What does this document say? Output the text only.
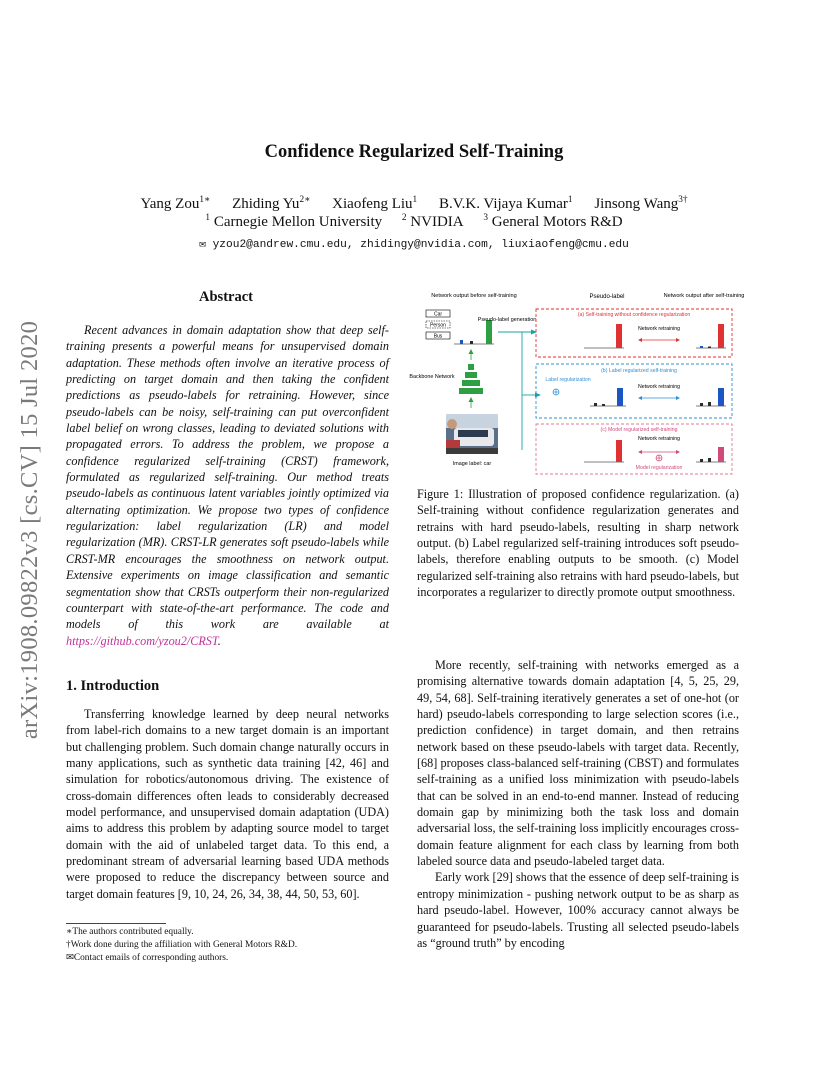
Confidence Regularized Self-Training
Yang Zou$^{1∗}$ Zhiding $Yu^{2∗}$ Xiaofeng Liu$^1$ B.V.K. Vijaya Kumar$^1$ Jinsong Wang$^{3\dagger}$
$^1$ Carnegie Mellon University $^2$ NVIDIA $^3$ General Motors R&D
✉ yzou2@andrew.cmu.edu, zhidingy@nvidia.com, liuxiaofeng@cmu.edu
arXiv:1908.09822v3 [cs.CV] 15 Jul 2020
Abstract
Recent advances in domain adaptation show that deep self-training presents a powerful means for unsupervised domain adaptation. These methods often involve an iterative process of predicting on target domain and then taking the confident predictions as pseudo-labels for retraining. However, since pseudo-labels can be noisy, self-training can put overconfident label belief on wrong classes, leading to deviated solutions with propagated errors. To address the problem, we propose a confidence regularized self-training (CRST) framework, formulated as regularized self-training. Our method treats pseudo-labels as continuous latent variables jointly optimized via alternating optimization. We propose two types of confidence regularization: label regularization (LR) and model regularization (MR). CRST-LR generates soft pseudo-labels while CRST-MR encourages the smoothness on network output. Extensive experiments on image classification and semantic segmentation show that CRSTs outperform their non-regularized counterpart with state-of-the-art performance. The code and models of this work are available at https://github.com/yzou2/CRST.
1. Introduction
Transferring knowledge learned by deep neural networks from label-rich domains to a new target domain is an important but challenging problem. Such domain change naturally occurs in many applications, such as synthetic data training [42, 46] and simulation for robotics/autonomous driving. The existence of cross-domain differences often leads to considerably decreased model performance, and unsupervised domain adaptation (UDA) aims to address this problem by adapting source model to target domain with the aid of unlabeled target data. To this end, a predominant stream of adversarial learning based UDA methods were proposed to reduce the discrepancy between source and target domain features [9, 10, 24, 26, 34, 38, 44, 50, 53, 60].
∗The authors contributed equally.
†Work done during the affiliation with General Motors R&D.
✉Contact emails of corresponding authors.
Network output before self-training	Pseudo-label	Network output after self-training
Car
Person
Bus
Pseudo-label generation
Backbone Network
Image label: car
(a) Self-training without confidence regularization
Network retraining
(b) Label regularized self-training
Label regularization
Network retraining
(c) Model regularized self-training
Network retraining
Model regularization
Figure 1: Illustration of proposed confidence regularization. (a) Self-training without confidence regularization generates and retrains with hard pseudo-labels, resulting in sharp network output. (b) Label regularized self-training introduces soft pseudo-labels, therefore enabling outputs to be smooth. (c) Model regularized self-training also retrains with hard pseudo-labels, but incorporates a regularizer to directly promote output smoothness.

More recently, self-training with networks emerged as a promising alternative towards domain adaptation [4, 5, 25, 29, 49, 54, 68]. Self-training iteratively generates a set of one-hot (or hard) pseudo-labels corresponding to large selection scores (i.e., prediction confidence) in target domain, and then retrains network based on these pseudo-labels with target data. Recently, [68] proposes class-balanced self-training (CBST) and formulates self-training as a unified loss minimization with pseudo-labels that can be solved in an end-to-end manner. Instead of reducing domain gap by minimizing both the task loss and domain adversarial loss, the self-training loss implicitly encourages cross-domain feature alignment for each class by learning from both labeled source data and pseudo-labeled target data.

Early work [29] shows that the essence of deep self-training is entropy minimization - pushing network output to be as sharp as hard pseudo-label. However, 100% accuracy cannot always be guaranteed for pseudo-labels. Trusting all selected pseudo-labels as “ground truth” by encoding
